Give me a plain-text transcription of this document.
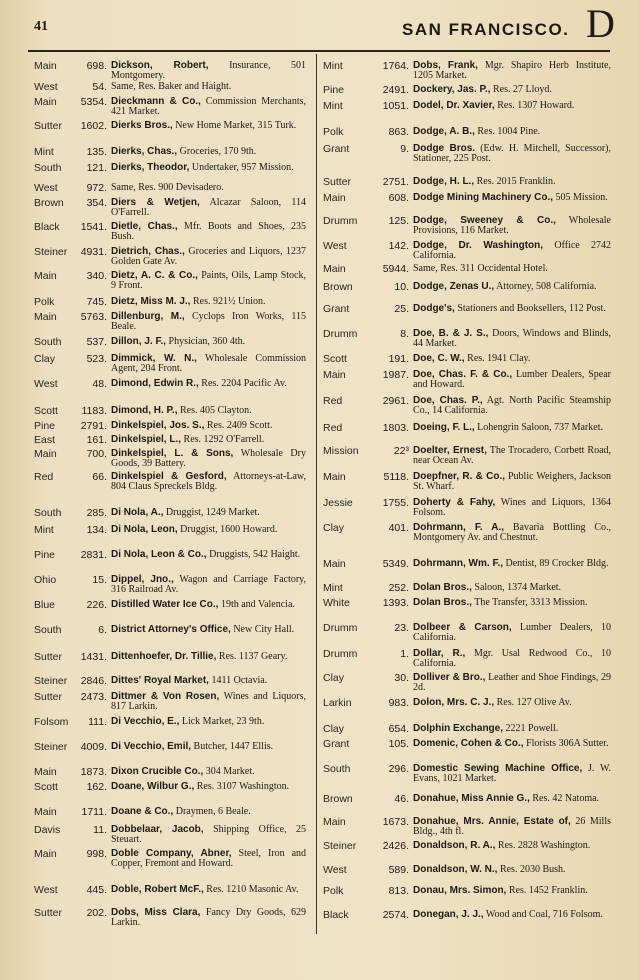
41	SAN FRANCISCO. D
Main	698. Dickson, Robert, Insurance, 501 Montgomery.
West	54. Same, Res. Baker and Haight.
Main	5354. Dieckmann & Co., Commission Merchants, 421 Market.
Sutter	1602. Dierks Bros., New Home Market, 315 Turk.
Mint	135. Dierks, Chas., Groceries, 170 9th.
South	121. Dierks, Theodor, Undertaker, 957 Mission.
West	972. Same, Res. 900 Devisadero.
Brown	354. Diers & Wetjen, Alcazar Saloon, 114 O'Farrell.
Black	1541. Dietle, Chas., Mfr. Boots and Shoes, 235 Bush.
Steiner	4931. Dietrich, Chas., Groceries and Liquors, 1237 Golden Gate Av.
Main	340. Dietz, A. C. & Co., Paints, Oils, Lamp Stock, 9 Front.
Polk	745. Dietz, Miss M. J., Res. 921½ Union.
Main	5763. Dillenburg, M., Cyclops Iron Works, 115 Beale.
South	537. Dillon, J. F., Physician, 360 4th.
Clay	523. Dimmick, W. N., Wholesale Commission Agent, 204 Front.
West	48. Dimond, Edwin R., Res. 2204 Pacific Av.
Scott	1183. Dimond, H. P., Res. 405 Clayton.
Pine	2791. Dinkelspiel, Jos. S., Res. 2409 Scott.
East	161. Dinkelspiel, L., Res. 1292 O'Farrell.
Main	700. Dinkelspiel, L. & Sons, Wholesale Dry Goods, 39 Battery.
Red	66. Dinkelspiel & Gesford, Attorneys-at-Law, 804 Claus Spreckels Bldg.
South	285. Di Nola, A., Druggist, 1249 Market.
Mint	134. Di Nola, Leon, Druggist, 1600 Howard.
Pine	2831. Di Nola, Leon & Co., Druggists, 542 Haight.
Ohio	15. Dippel, Jno., Wagon and Carriage Factory, 316 Railroad Av.
Blue	226. Distilled Water Ice Co., 19th and Valencia.
South	6. District Attorney's Office, New City Hall.
Sutter	1431. Dittenhoefer, Dr. Tillie, Res. 1137 Geary.
Steiner	2846. Dittes' Royal Market, 1411 Octavia.
Sutter	2473. Dittmer & Von Rosen, Wines and Liquors, 817 Larkin.
Folsom	111. Di Vecchio, E., Lick Market, 23 9th.
Steiner	4009. Di Vecchio, Emil, Butcher, 1447 Ellis.
Main	1873. Dixon Crucible Co., 304 Market.
Scott	162. Doane, Wilbur G., Res. 3107 Washington.
Main	1711. Doane & Co., Draymen, 6 Beale.
Davis	11. Dobbelaar, Jacob, Shipping Office, 25 Steuart.
Main	998. Doble Company, Abner, Steel, Iron and Copper, Fremont and Howard.
West	445. Doble, Robert McF., Res. 1210 Masonic Av.
Sutter	202. Dobs, Miss Clara, Fancy Dry Goods, 629 Larkin.
Mint	1764. Dobs, Frank, Mgr. Shapiro Herb Institute, 1205 Market.
Pine	2491. Dockery, Jas. P., Res. 27 Lloyd.
Mint	1051. Dodel, Dr. Xavier, Res. 1307 Howard.
Polk	863. Dodge, A. B., Res. 1004 Pine.
Grant	9. Dodge Bros. (Edw. H. Mitchell, Successor), Stationer, 225 Post.
Sutter	2751. Dodge, H. L., Res. 2015 Franklin.
Main	608. Dodge Mining Machinery Co., 505 Mission.
Drumm	125. Dodge, Sweeney & Co., Wholesale Provisions, 116 Market.
West	142. Dodge, Dr. Washington, Office 2742 California.
Main	5944. Same, Res. 311 Occidental Hotel.
Brown	10. Dodge, Zenas U., Attorney, 508 California.
Grant	25. Dodge's, Stationers and Booksellers, 112 Post.
Drumm	8. Doe, B. & J. S., Doors, Windows and Blinds, 44 Market.
Scott	191. Doe, C. W., Res. 1941 Clay.
Main	1987. Doe, Chas. F. & Co., Lumber Dealers, Spear and Howard.
Red	2961. Doe, Chas. P., Agt. North Pacific Steamship Co., 14 California.
Red	1803. Doeing, F. L., Lohengrin Saloon, 737 Market.
Mission	22³ Doelter, Ernest, The Trocadero, Corbett Road, near Ocean Av.
Main	5118. Doepfner, R. & Co., Public Weighers, Jackson St. Wharf.
Jessie	1755. Doherty & Fahy, Wines and Liquors, 1364 Folsom.
Clay	401. Dohrmann, F. A., Bavaria Bottling Co., Montgomery Av. and Chestnut.
Main	5349. Dohrmann, Wm. F., Dentist, 89 Crocker Bldg.
Mint	252. Dolan Bros., Saloon, 1374 Market.
White	1393. Dolan Bros., The Transfer, 3313 Mission.
Drumm	23. Dolbeer & Carson, Lumber Dealers, 10 California.
Drumm	1. Dollar, R., Mgr. Usal Redwood Co., 10 California.
Clay	30. Dolliver & Bro., Leather and Shoe Findings, 29 2d.
Larkin	983. Dolon, Mrs. C. J., Res. 127 Olive Av.
Clay	654. Dolphin Exchange, 2221 Powell.
Grant	105. Domenic, Cohen & Co., Florists 306A Sutter.
South	296. Domestic Sewing Machine Office, J. W. Evans, 1021 Market.
Brown	46. Donahue, Miss Annie G., Res. 42 Natoma.
Main	1673. Donahue, Mrs. Annie, Estate of, 26 Mills Bldg., 4th fl.
Steiner	2426. Donaldson, R. A., Res. 2828 Washington.
West	589. Donaldson, W. N., Res. 2030 Bush.
Polk	813. Donau, Mrs. Simon, Res. 1452 Franklin.
Black	2574. Donegan, J. J., Wood and Coal, 716 Folsom.
